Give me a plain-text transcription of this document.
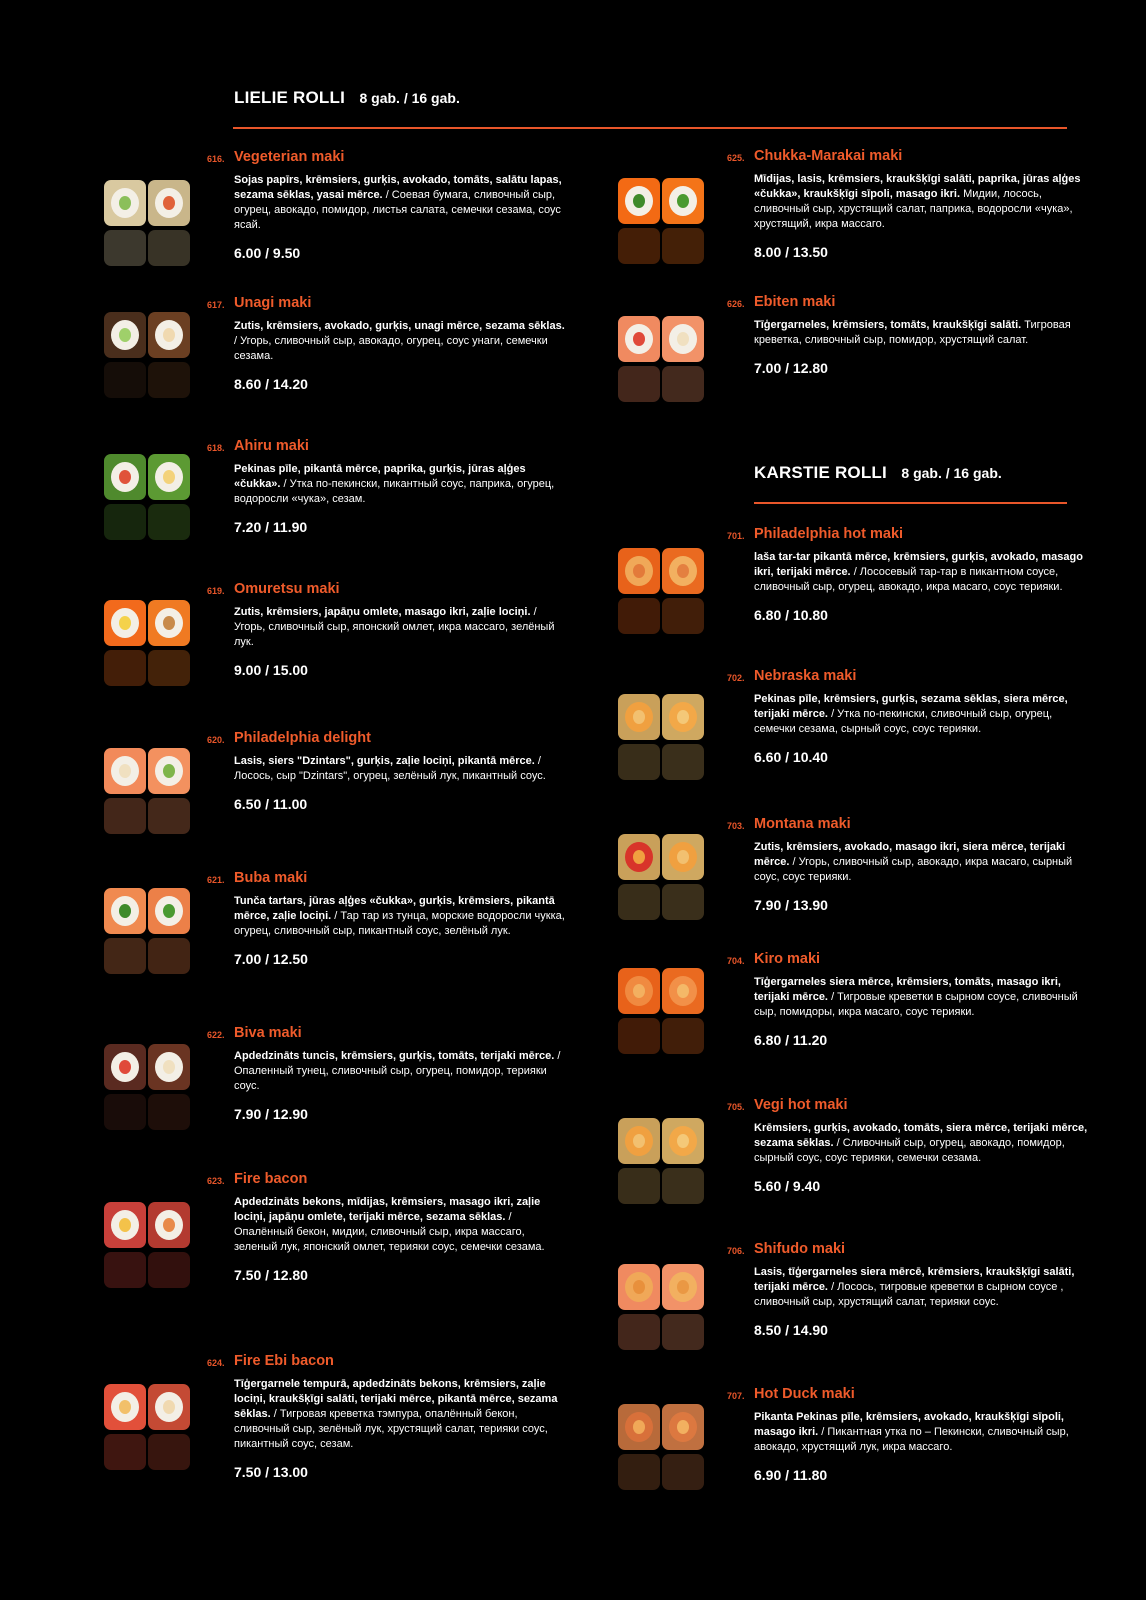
LIELIE ROLLI 8 gab. / 16 gab.
KARSTIE ROLLI 8 gab. / 16 gab.
616. Vegeterian maki
Sojas papīrs, krēmsiers, gurķis, avokado, tomāts, salātu lapas, sezama sēklas, yasai mērce. / Соевая бумага, сливочный сыр, огурец, авокадо, помидор, листья салата, семечки сезама, соус ясай.
6.00 / 9.50
617. Unagi maki
Zutis, krēmsiers, avokado, gurķis, unagi mērce, sezama sēklas. / Угорь, сливочный сыр, авокадо, огурец, соус унаги, семечки сезама.
8.60 / 14.20
618. Ahiru maki
Pekinas pīle, pikantā mērce, paprika, gurķis, jūras aļģes «čukka». / Утка по-пекински, пикантный соус, паприка, огурец, водоросли «чука», сезам.
7.20 / 11.90
619. Omuretsu maki
Zutis, krēmsiers, japāņu omlete, masago ikri, zaļie lociņi. / Угорь, сливочный сыр, японский омлет, икра массаго, зелёный лук.
9.00 / 15.00
620. Philadelphia delight
Lasis, siers "Dzintars", gurķis, zaļie lociņi, pikantā mērce. / Лосось, сыр "Dzintars", огурец, зелёный лук, пикантный соус.
6.50 / 11.00
621. Buba maki
Tunča tartars, jūras aļģes «čukka», gurķis, krēmsiers, pikantā mērce, zaļie lociņi. / Тар тар из тунца, морские водоросли чукка, огурец, сливочный сыр, пикантный соус, зелёный лук.
7.00 / 12.50
622. Biva maki
Apdedzināts tuncis, krēmsiers, gurķis, tomāts, terijaki mērce. / Опаленный тунец, сливочный сыр, огурец, помидор, терияки соус.
7.90 / 12.90
623. Fire bacon
Apdedzināts bekons, mīdijas, krēmsiers, masago ikri, zaļie lociņi, japāņu omlete, terijaki mērce, sezama sēklas. / Опалённый бекон, мидии, сливочный сыр, икра массаго, зеленый лук, японский омлет, терияки соус, семечки сезама.
7.50 / 12.80
624. Fire Ebi bacon
Tīģergarnele tempurā, apdedzināts bekons, krēmsiers, zaļie lociņi, kraukšķīgi salāti, terijaki mērce, pikantā mērce, sezama sēklas. / Тигровая креветка тэмпура, опалённый бекон, сливочный сыр, зелёный лук, хрустящий салат, терияки соус, пикантный соус, сезам.
7.50 / 13.00
625. Chukka-Marakai maki
Mīdijas, lasis, krēmsiers, kraukšķīgi salāti, paprika, jūras aļģes «čukka», kraukšķīgi sīpoli, masago ikri. Мидии, лосось, сливочный сыр, хрустящий салат, паприка, водоросли «чука», хрустящий, икра массаго.
8.00 / 13.50
626. Ebiten maki
Tīģergarneles, krēmsiers, tomāts, kraukšķīgi salāti. Тигровая креветка, сливочный сыр, помидор, хрустящий салат.
7.00 / 12.80
701. Philadelphia hot maki
laša tar-tar pikantā mērce, krēmsiers, gurķis, avokado, masago ikri, terijaki mērce. / Лососевый тар-тар в пикантном соусе, сливочный сыр, огурец, авокадо, икра масаго, соус терияки.
6.80 / 10.80
702. Nebraska maki
Pekinas pīle, krēmsiers, gurķis, sezama sēklas, siera mērce, terijaki mērce. / Утка по-пекински, сливочный сыр, огурец, семечки сезама, сырный соус, соус терияки.
6.60 / 10.40
703. Montana maki
Zutis, krēmsiers, avokado, masago ikri, siera mērce, terijaki mērce. / Угорь, сливочный сыр, авокадо, икра масаго, сырный соус, соус терияки.
7.90 / 13.90
704. Kiro maki
Tīģergarneles siera mērce, krēmsiers, tomāts, masago ikri, terijaki mērce. / Тигровые креветки в сырном соусе, сливочный сыр, помидоры, икра масаго, соус терияки.
6.80 / 11.20
705. Vegi hot maki
Krēmsiers, gurķis, avokado, tomāts, siera mērce, terijaki mērce, sezama sēklas. / Сливочный сыр, огурец, авокадо, помидор, сырный соус, соус терияки, семечки сезама.
5.60 / 9.40
706. Shifudo maki
Lasis, tīģergarneles siera mērcē, krēmsiers, kraukšķīgi salāti, terijaki mērce. / Лосось, тигровые креветки в сырном соусе , сливочный сыр, хрустящий салат, терияки соус.
8.50 / 14.90
707. Hot Duck maki
Pikanta Pekinas pīle, krēmsiers, avokado, kraukšķīgi sīpoli, masago ikri. / Пикантная утка по – Пекински, сливочный сыр, авокадо, хрустящий лук, икра массаго.
6.90 / 11.80
